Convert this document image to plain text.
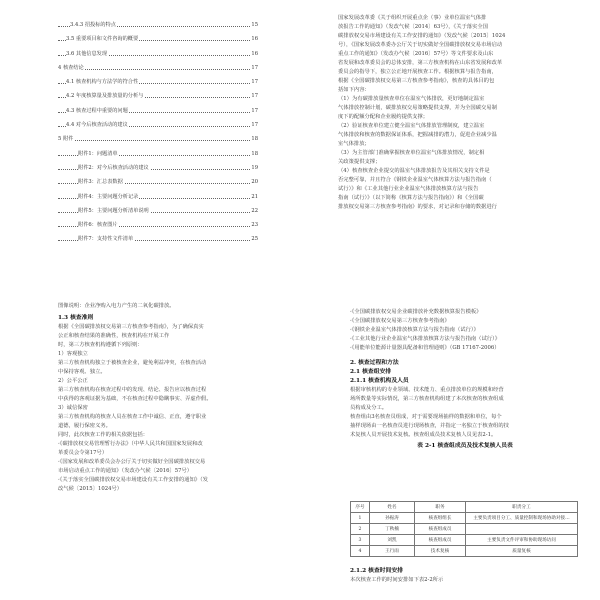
3.4.3 招投标的特点	15
3.5 重要项目和文件咨询的概要	16
3.6 其他信息发现	16
4 核查结论	17
4.1 核查机构与方法学的符合性	17
4.2 年度核算量及排放量的分析与	17
4.3 核查过程中重要的问题	17
4.4 对今后核查活动的建议	17
5 附件	18
附件1：问题清单	18
附件2：对今后核查活动的建议	19
附件3：汇总表数据	20
附件4：主要问题分析记录	21
附件5：主要问题分析清单说明	22
附件6：核查图片	23
附件7：支持性文件清单	25
国家发展改革委《关于组织开展重点企（事）业单位温室气体排
放报告工作的通知》（发改气候〔2014〕63号），《关于落实全国
碳排放权交易市场建设有关工作安排的通知》（发改气候〔2015〕1024
号），《国家发展改革委办公厅关于切实做好全国碳排放权交易市场启动
重点工作的通知》（发改办气候〔2016〕57号）等文件要求及山东
省发展和改革委员会的总体安排，第三方核查机构在山东省发展和改革
委员会的指导下，独立公正地开展核查工作。根据核算与报告指南，
根据《全国碳排放权交易第三方核查参考指南》，核查的具体目的包
括如下内容：
（1）为有碳排放量核查单位在温室气体排放，更好地制定温室
气体排放控制计划，碳排放权交易策略提供支撑，并为全国碳交易制
度下的配额分配和企业履约提供支撑；
（2）验证核查单位建立健全温室气体排放管理制度，建立温室
气体排放和核查的数据保证体系，把握减排的潜力，促进企业减少温
室气体排放；
（3）为主管部门准确掌握核查单位温室气体排放情况，制定相
关政策提供支撑；
（4）核查核查企业提交的温室气体排放报告及其相关支持文件是
否完整可靠，并且符合《钢铁企业温室气体核算方法与报告指南（
试行）》和《工业其他行业企业温室气体排放核算方法与报告
指南（试行）》（以下简称《核算方法与报告指南》）和《全国碳
排放权交易第三方核查参考指南》的要求，对记录和存储的数据进行
图像说明：企业净购入电力产生的二氧化碳排放。
1.3 核查准则
根据《全国碳排放权交易第三方核查参考指南》，为了确保真实
公正和核查结果的准确性，核查机构在开展工作
时，第三方核查机构遵循下列原则：
1）客观独立
第三方核查机构独立于被核查企业，避免利益冲突，在核查活动
中保持客观、独立。
2）公平公正
第三方核查机构在核查过程中的发现、结论、报告应以核查过程
中获得的客观证据为基础，不在核查过程中隐瞒事实、弄虚作假。
3）诚信保密
第三方核查机构的核查人员在核查工作中诚信、正直，遵守职业
道德，履行保密义务。
同时，此次核查工作的相关依据包括：
·《碳排放权交易管理暂行办法》（中华人民共和国国家发展和改
革委员会令第17号）
·《国家发展和改革委员会办公厅关于切实做好全国碳排放权交易
市场启动重点工作的通知》（发改办气候〔2016〕57号）
·《关于落实全国碳排放权交易市场建设有关工作安排的通知》（发
改气候〔2015〕1024号）
·《全国碳排放权交易企业碳排放补充数据核算报告模板》
·《全国碳排放权交易第三方核查参考指南》
·《钢铁企业温室气体排放核算方法与报告指南（试行）》
·《工业其他行业企业温室气体排放核算方法与报告指南（试行）》
·《用能单位能源计量器具配备和管理通则》（GB 17167-2006）
2. 核查过程和方法
2.1 核查组安排
2.1.1 核查机构及人员
根据审核机构的专业领域、技术能力、重点排放单位的规模和经营
场所数量等实际情况，第三方核查机构组建了本次核查的核查组成
员构成及分工。
核查组由3名核查员组成，对于需要现场抽样的数据和单位，每个
抽样现场由一名核查员进行现场核查，并指定一名独立于核查组的技
术复核人员开展技术复核。核查组成员技术复核人员见表2-1。
表 2-1 核查组成员及技术复核人员表
序号	姓名	职务	职责分工
1	孙振涛	核查组组长	主要负责项目分工、质量控制和现场协助对接…
2	丁秋楠	核查组成员	
3	刘凯	核查组成员	主要负责文件评审和协助现场访问
4	王行雨	技术复核	质量复核
2.1.2 核查时间安排
本次核查工作的时间安排如下表2-2所示
